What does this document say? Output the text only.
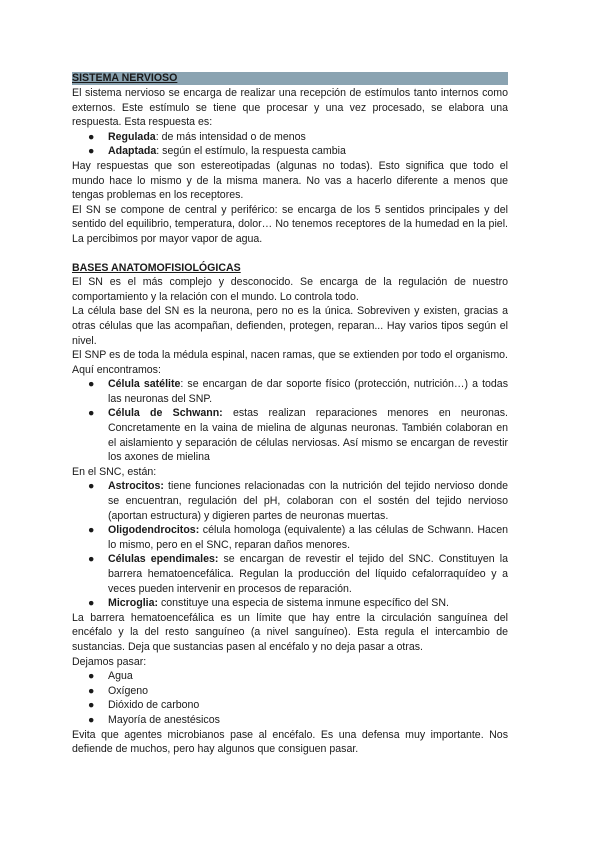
SISTEMA NERVIOSO

El sistema nervioso se encarga de realizar una recepción de estímulos tanto internos como externos. Este estímulo se tiene que procesar y una vez procesado, se elabora una respuesta. Esta respuesta es:

● Regulada: de más intensidad o de menos
● Adaptada: según el estímulo, la respuesta cambia

Hay respuestas que son estereotipadas (algunas no todas). Esto significa que todo el mundo hace lo mismo y de la misma manera. No vas a hacerlo diferente a menos que tengas problemas en los receptores.

El SN se compone de central y periférico: se encarga de los 5 sentidos principales y del sentido del equilibrio, temperatura, dolor… No tenemos receptores de la humedad en la piel. La percibimos por mayor vapor de agua.

BASES ANATOMOFISIOLÓGICAS

El SN es el más complejo y desconocido. Se encarga de la regulación de nuestro comportamiento y la relación con el mundo. Lo controla todo.

La célula base del SN es la neurona, pero no es la única. Sobreviven y existen, gracias a otras células que las acompañan, defienden, protegen, reparan... Hay varios tipos según el nivel.

El SNP es de toda la médula espinal, nacen ramas, que se extienden por todo el organismo. Aquí encontramos:

● Célula satélite: se encargan de dar soporte físico (protección, nutrición…) a todas las neuronas del SNP.
● Célula de Schwann: estas realizan reparaciones menores en neuronas. Concretamente en la vaina de mielina de algunas neuronas. También colaboran en el aislamiento y separación de células nerviosas. Así mismo se encargan de revestir los axones de mielina

En el SNC, están:

● Astrocitos: tiene funciones relacionadas con la nutrición del tejido nervioso donde se encuentran, regulación del pH, colaboran con el sostén del tejido nervioso (aportan estructura) y digieren partes de neuronas muertas.
● Oligodendrocitos: célula homologa (equivalente) a las células de Schwann. Hacen lo mismo, pero en el SNC, reparan daños menores.
● Células ependimales: se encargan de revestir el tejido del SNC. Constituyen la barrera hematoencefálica. Regulan la producción del líquido cefalorraquídeo y a veces pueden intervenir en procesos de reparación.
● Microglia: constituye una especia de sistema inmune específico del SN.

La barrera hematoencefálica es un límite que hay entre la circulación sanguínea del encéfalo y la del resto sanguíneo (a nivel sanguíneo). Esta regula el intercambio de sustancias. Deja que sustancias pasen al encéfalo y no deja pasar a otras.

Dejamos pasar:

● Agua
● Oxígeno
● Dióxido de carbono
● Mayoría de anestésicos

Evita que agentes microbianos pase al encéfalo. Es una defensa muy importante. Nos defiende de muchos, pero hay algunos que consiguen pasar.
